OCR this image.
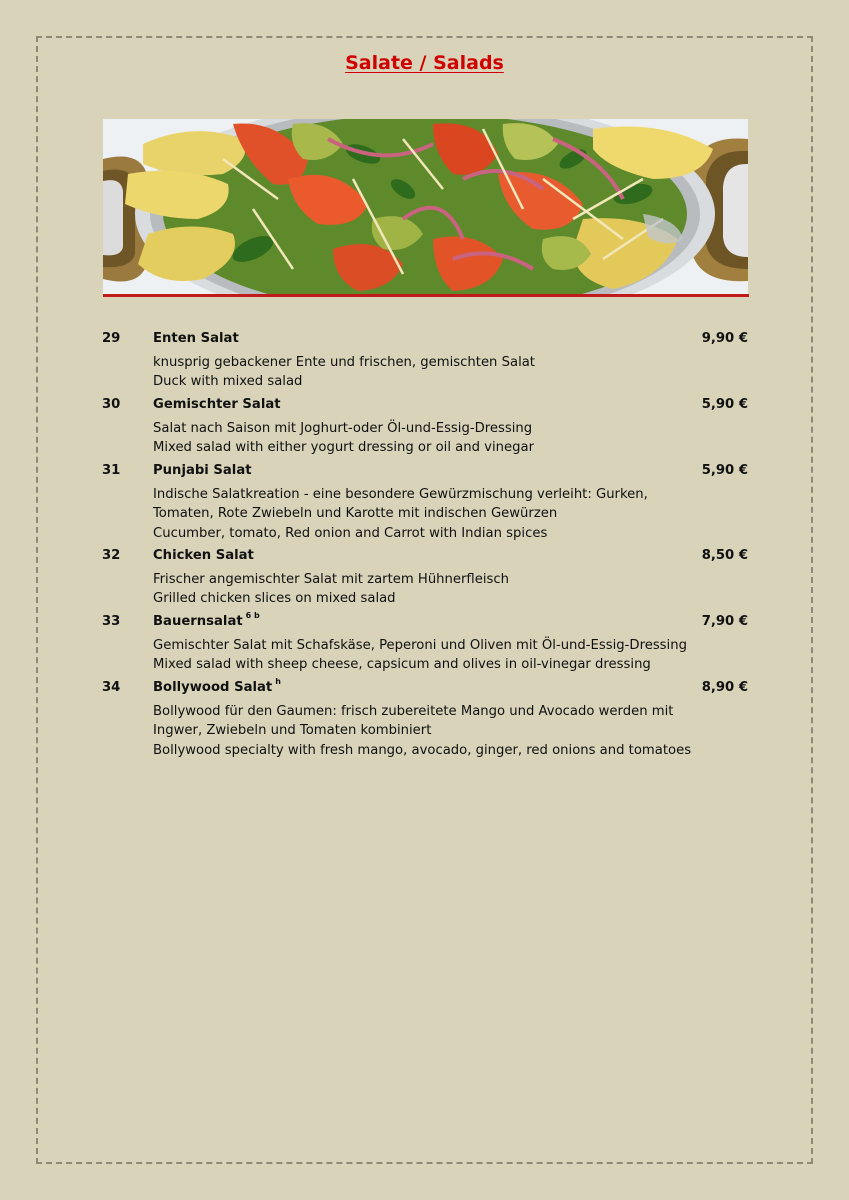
Salate / Salads
29 Enten Salat	9,90 €
knusprig gebackener Ente und frischen, gemischten Salat
Duck with mixed salad
30 Gemischter Salat	5,90 €
Salat nach Saison mit Joghurt-oder Öl-und-Essig-Dressing
Mixed salad with either yogurt dressing or oil and vinegar
31 Punjabi Salat	5,90 €
Indische Salatkreation - eine besondere Gewürzmischung verleiht: Gurken,
Tomaten, Rote Zwiebeln und Karotte mit indischen Gewürzen
Cucumber, tomato, Red onion and Carrot with Indian spices
32 Chicken Salat	8,50 €
Frischer angemischter Salat mit zartem Hühnerfleisch
Grilled chicken slices on mixed salad
33 Bauernsalat $^{6 b}$	7,90 €
Gemischter Salat mit Schafskäse, Peperoni und Oliven mit Öl-und-Essig-Dressing
Mixed salad with sheep cheese, capsicum and olives in oil-vinegar dressing
34 Bollywood Salat $^h$	8,90 €
Bollywood für den Gaumen: frisch zubereitete Mango und Avocado werden mit
Ingwer, Zwiebeln und Tomaten kombiniert
Bollywood specialty with fresh mango, avocado, ginger, red onions and tomatoes
